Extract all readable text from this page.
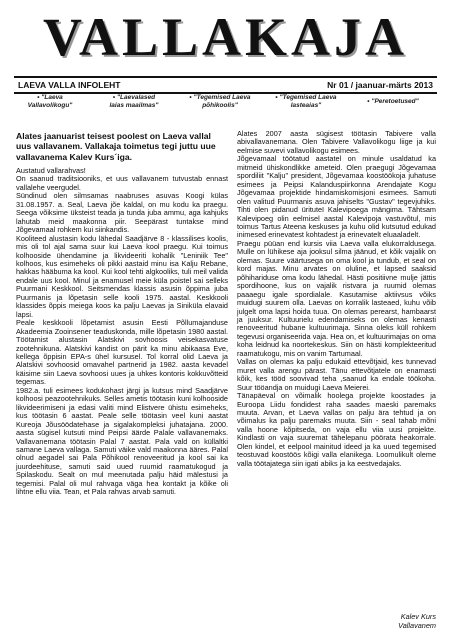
VALLAKAJA
LAEVA VALLA INFOLEHT	Nr 01 / jaanuar-märts 2013
• "Laeva
Vallavolikogu"
• "Laevalased
laias maailmas"
• "Tegemised Laeva
põhikoolis"
• "Tegemised Laeva
lasteaias"
• "Peretoetused"
Alates jaanuarist teisest poolest on Laeva vallal uus vallavanem. Vallakaja toimetus tegi juttu uue vallavanema Kalev Kurs´iga.

Austatud vallarahvas!

On saanud traditsiooniks, et uus vallavanem tutvustab ennast vallalehe veergudel.

Sündinud olen silmsamas naabruses asuvas Koogi külas 31.08.1957. a. Seal, Laeva jõe kaldal, on mu kodu ka praegu. Seega võiksime üksteist teada ja tunda juba ammu, aga kahjuks lahutab meid maakonna piir. Seepärast tuntakse mind Jõgevamaal rohkem kui siinkandis.

Kooliteed alustasin kodu lähedal Saadjärve 8 - klassilises koolis, mis oli tol ajal sama suur kui Laeva kool praegu. Kui toimus kolhooside ühendamine ja likvideeriti kohalik "Leniniik Tee" kolhoos, kus esimeheks oli pikki aastaid minu isa Kalju Rebane, hakkas hääbuma ka kool. Kui kool tehti algkooliks, tuli meil valida endale uus kool. Minul ja enamusel meie küla poistel sai selleks Puurmani Keskkool. Seitsmendas klassis asusin õppima juba Puurmanis ja lõpetasin selle kooli 1975. aastal. Keskkooli klassides õppis meiega koos ka palju Laevas ja Siniküla elavaid lapsi.

Peale keskkooli lõpetamist asusin Eesti Põllumajanduse Akadeemia Zooinsener teaduskonda, mille lõpetasin 1980 aastal. Töötamist alustasin Alatskivi sovhoosis veisekasvatuse zootehnikuna. Alatskivi kandist on pärit ka minu abikaasa Eve, kellega õppisin EPA-s ühel kursusel. Tol korral olid Laeva ja Alatskivi sovhoosid omavahel partnerid ja 1982. aasta kevadel käisime siin Laeva sovhoosi uues ja uhkes kontoris kokkuvõtteid tegemas.

1982.a. tuli esimees kodukohast järgi ja kutsus mind Saadjärve kolhoosi peazootehnikuks. Selles ametis töötasin kuni kolhooside likvideerimiseni ja edasi valiti mind Elistvere ühistu esimeheks, kus töötasin 6 aastat. Peale selle töötasin veel kuni aastat Kureoja Jõusöödatehase ja sigalakompleksi juhatajana. 2000. aasta sügisel kutsuti mind Peipsi äärde Palale vallavanemaks. Vallavanemana töötasin Palal 7 aastat. Pala vald on küllaltki samane Laeva vallaga. Samuti väike vald maakonna ääres. Palal olnud aegadel sai Pala Põhikool renoveeritud ja kool sai ka juurdeehituse, samuti said uued ruumid raamatukogud ja Spilaskodu. Sealt on mul meenutada palju häid mälestusi ja tegemisi. Palal oli mul rahvaga väga hea kontakt ja kõike oli lihtne ellu viia. Tean, et Pala rahvas arvab samuti.

Alates 2007 aasta sügisest töötasin Tabivere valla abivallavanemana. Olen Tabivere Vallavolikogu liige ja kui eelmise suvevi vallavolikogu esimees.

Jõgevamaal töötatud aastatel on minule usaldatud ka mitmeid ühiskondlikke ameteid. Olen praegugi Jõgevamaa spordiliit "Kalju" president, Jõgevamaa koostöökoja juhatuse esimees ja Peipsi Kalanduspiirkonna Arendajate Kogu Jõgevamaa projektide hindamiskomisjoni esimees. Samuti olen valitud Puurmanis asuva jahiselts "Gustav" tegevjuhiks. Tihti olen pidanud ürituteI Kalevipoega mängima. Tähtsam Kalevipoeg olin eelmisel aastal Kalevipoja vastuvõtul, mis toimus Tartus Ateena keskuses ja kuhu olid kutsutud edukad inimesed erinevatest kohtadest ja erinevatelt eluaaladelt.

Praegu püüan end kursis viia Laeva valla elukorraldusega. Mulle on lühikese aja jooksul silma jäänud, et kõik vajalik on olemas. Suure väärtusega on oma kool ja tundub, et seal on kord majas. Minu arvates on oluline, et lapsed saaksid põhihariduse oma kodu lähedal. Hästi positiivne mulje jättis spordihoone, kus on vajalik ristvara ja ruumid olemas paaaegu igale spordialale. Kasutamise aktiivsus võiks muidugi suurem olla. Laevas on korralik lasteaed, kuhu võib julgelt oma lapsi hoida tuua. On olemas perearst, hambaarst ja juuksur. Kultuurielu edendamiseks on olemas kenasti renoveeritud hubane kultuurimaja. Sinna oleks küll rohkem tegevusi organiseerida vaja. Hea on, et kultuurimajas on oma koha leidnud ka noortekeskus. Siin on hästi komplekteeritud raamatukogu, mis on vanim Tartumaal.

Vallas on olemas ka palju edukaid ettevõtjaid, kes tunnevad muret valla arengu pärast. Tänu ettevõtjatele on enamasti kõik, kes tööd soovivad teha ,saanud ka endale töökoha. Suur tööandja on muidugi Laeva Meierei.

Tänapäeval on võimalik hoolega projekte koostades ja Euroopa Liidu fondidest raha saades maeski paremaks muuta. Arvan, et Laeva vallas on palju ära tehtud ja on võimalus ka palju paremaks muuta. Siin - seal tahab mõni valla hoone kõpitseda, on vaja ellu viia uusi projekte. Kindlasti on vaja suuremat tähelepanu pöörata heakorrale. Olen kindel, et eelpool mainitud ideed ja ka uued tegemised teostuvad koostöös kõigi valla elanikega. Loomulikult oleme valla töötajatega siin igati abiks ja ka eestvedajaks.

Kalev Kurs
Vallavanem
